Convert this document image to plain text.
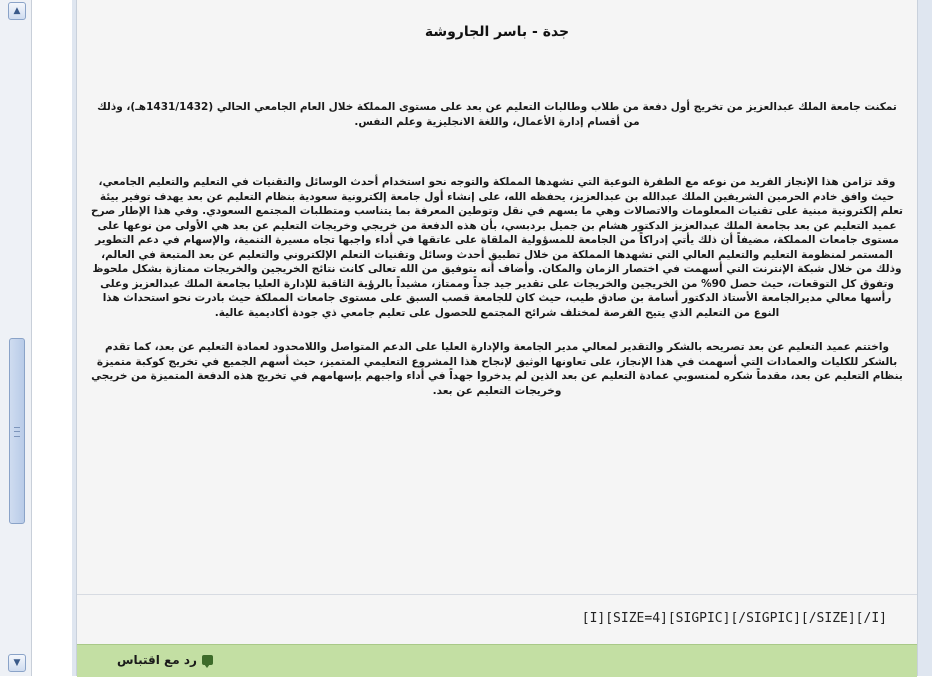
▲
▼
جدة - باسر الجاروشة

تمكنت جامعة الملك عبدالعزيز من تخريج أول دفعة من طلاب وطالبات التعليم عن بعد على مستوى المملكة خلال العام الجامعي الحالي (1431/1432هـ)، وذلك من أقسام إدارة الأعمال، واللغة الانجليزية وعلم النفس.

وقد تزامن هذا الإنجاز الفريد من نوعه مع الطفرة النوعية التي تشهدها المملكة والتوجه نحو استخدام أحدث الوسائل والتقنيات في التعليم والتعليم الجامعي، حيث وافق خادم الحرمين الشريفين الملك عبدالله بن عبدالعزيز، يحفظه الله، على إنشاء أول جامعة إلكترونية سعودية بنظام التعليم عن بعد يهدف توفير بيئة تعلم إلكترونية مبنية على تقنيات المعلومات والاتصالات وهي ما يسهم في نقل وتوطين المعرفة بما يتناسب ومتطلبات المجتمع السعودي. وفي هذا الإطار صرح عميد التعليم عن بعد بجامعة الملك عبدالعزيز الدكتور هشام بن جميل بردبسي، بأن هذه الدفعة من خريجي وخريجات التعليم عن بعد هي الأولى من نوعها على مستوى جامعات المملكة، مضيفاً أن ذلك يأتي إدراكاً من الجامعة للمسؤولية الملقاة على عاتقها في أداء واجبها تجاه مسيرة التنمية، والإسهام في دعم التطوير المستمر لمنظومة التعليم والتعليم العالي التي تشهدها المملكة من خلال تطبيق أحدث وسائل وتقنيات التعلم الإلكتروني والتعليم عن بعد المتبعة في العالم، وذلك من خلال شبكة الإنترنت التي أسهمت في اختصار الزمان والمكان. وأضاف أنه بتوفيق من الله تعالى كانت نتائج الخريجين والخريجات ممتازة بشكل ملحوظ وتفوق كل التوقعات، حيث حصل 90% من الخريجين والخريجات على تقدير جيد جداً وممتاز، مشيداً بالرؤية الثاقبة للإدارة العليا بجامعة الملك عبدالعزيز وعلى رأسها معالي مديرالجامعة الأستاذ الدكتور أسامة بن صادق طيب، حيث كان للجامعة قصب السبق على مستوى جامعات المملكة حيث بادرت نحو استحداث هذا النوع من التعليم الذي يتيح الفرصة لمختلف شرائح المجتمع للحصول على تعليم جامعي ذي جودة أكاديمية عالية.

واختتم عميد التعليم عن بعد تصريحه بالشكر والتقدير لمعالي مدير الجامعة والإدارة العليا على الدعم المتواصل واللامحدود لعمادة التعليم عن بعد، كما تقدم بالشكر للكليات والعمادات التي أسهمت في هذا الإنجاز، على تعاونها الوثيق لإنجاح هذا المشروع التعليمي المتميز، حيث أسهم الجميع في تخريج كوكبة متميزة بنظام التعليم عن بعد، مقدماً شكره لمنسوبي عمادة التعليم عن بعد الذين لم يدخروا جهداً في أداء واجبهم بإسهامهم في تخريج هذه الدفعة المتميزة من خريجي وخريجات التعليم عن بعد.

[I][SIZE=4][SIGPIC][/SIGPIC][/SIZE][/I]
رد مع اقتباس
